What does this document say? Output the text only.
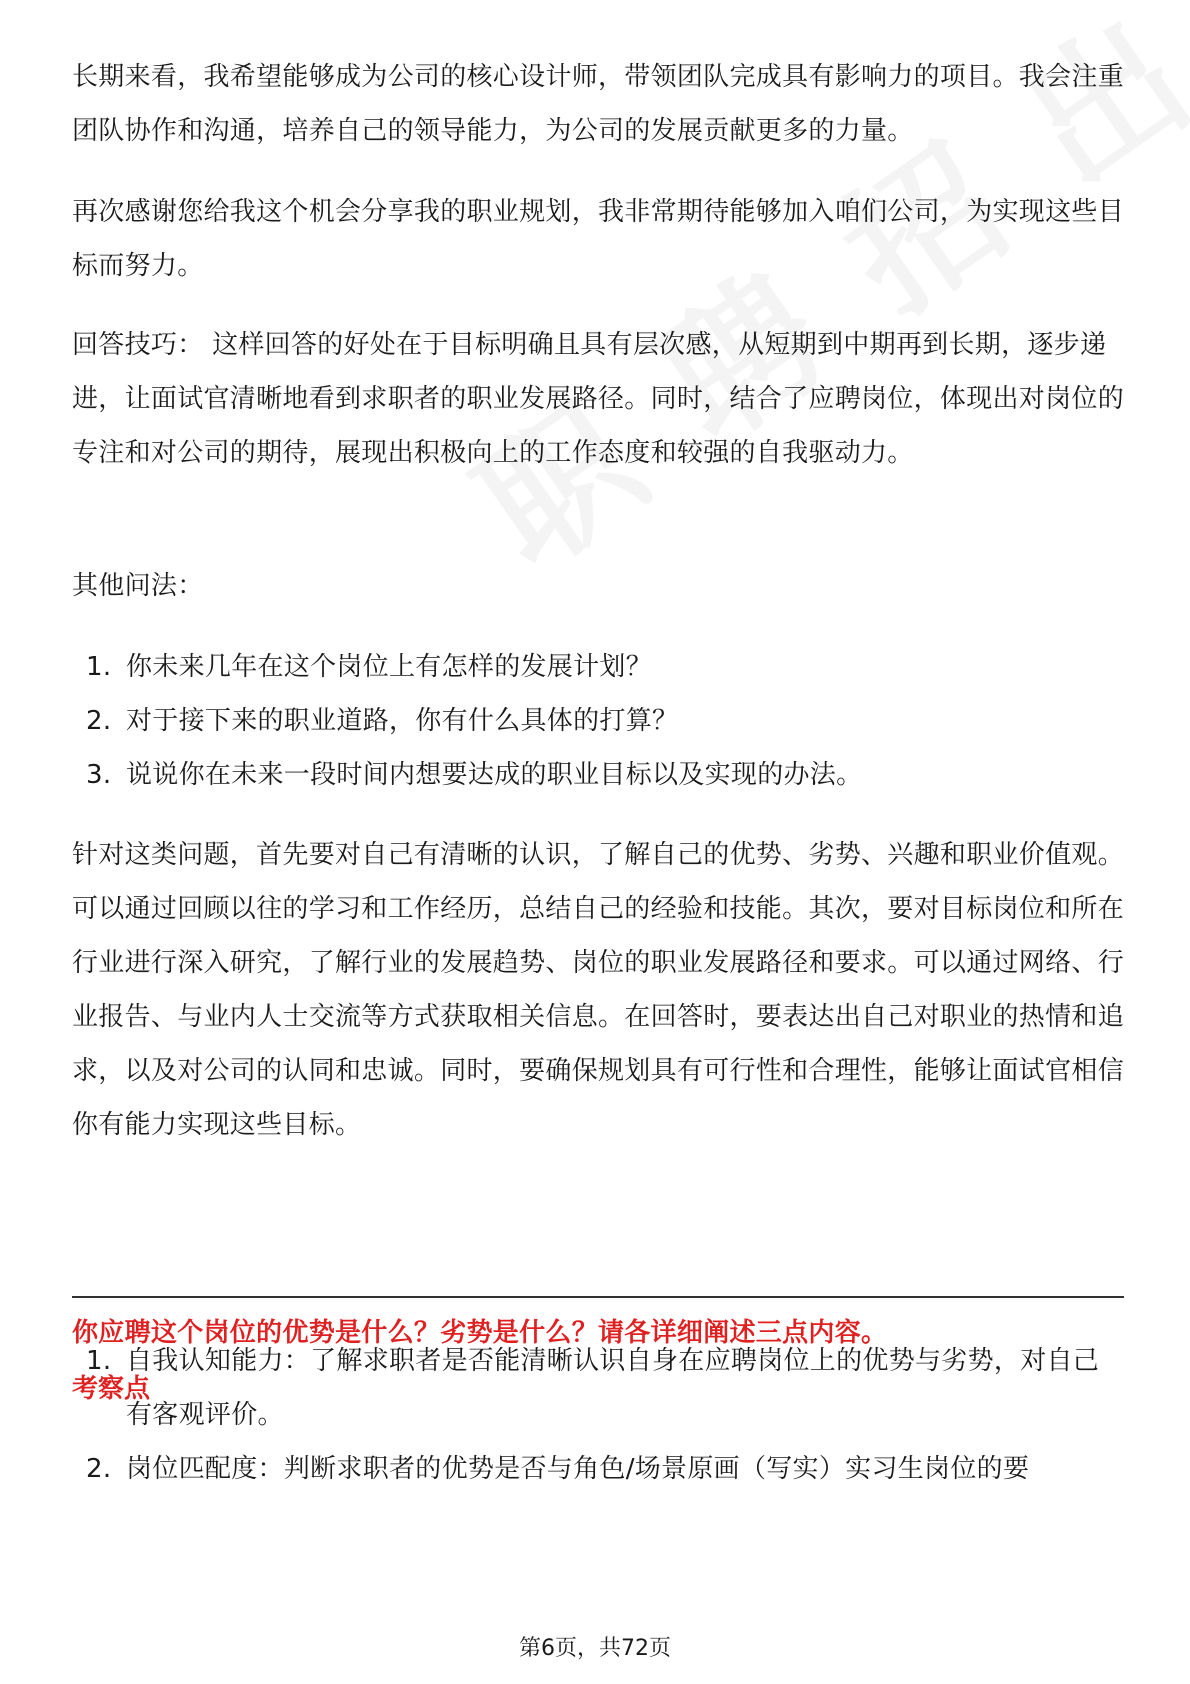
长期来看，我希望能够成为公司的核心设计师，带领团队完成具有影响力的项目。我会注重团队协作和沟通，培养自己的领导能力，为公司的发展贡献更多的力量。

再次感谢您给我这个机会分享我的职业规划，我非常期待能够加入咱们公司，为实现这些目标而努力。

回答技巧： 这样回答的好处在于目标明确且具有层次感，从短期到中期再到长期，逐步递进，让面试官清晰地看到求职者的职业发展路径。同时，结合了应聘岗位，体现出对岗位的专注和对公司的期待，展现出积极向上的工作态度和较强的自我驱动力。

其他问法：

1. 你未来几年在这个岗位上有怎样的发展计划？
2. 对于接下来的职业道路，你有什么具体的打算？
3. 说说你在未来一段时间内想要达成的职业目标以及实现的办法。

针对这类问题，首先要对自己有清晰的认识，了解自己的优势、劣势、兴趣和职业价值观。可以通过回顾以往的学习和工作经历，总结自己的经验和技能。其次，要对目标岗位和所在行业进行深入研究，了解行业的发展趋势、岗位的职业发展路径和要求。可以通过网络、行业报告、与业内人士交流等方式获取相关信息。在回答时，要表达出自己对职业的热情和追求，以及对公司的认同和忠诚。同时，要确保规划具有可行性和合理性，能够让面试官相信你有能力实现这些目标。

你应聘这个岗位的优势是什么？劣势是什么？请各详细阐述三点内容。

考察点

1. 自我认知能力：了解求职者是否能清晰认识自身在应聘岗位上的优势与劣势，对自己有客观评价。
2. 岗位匹配度：判断求职者的优势是否与角色/场景原画（写实）实习生岗位的要
第6页，共72页
